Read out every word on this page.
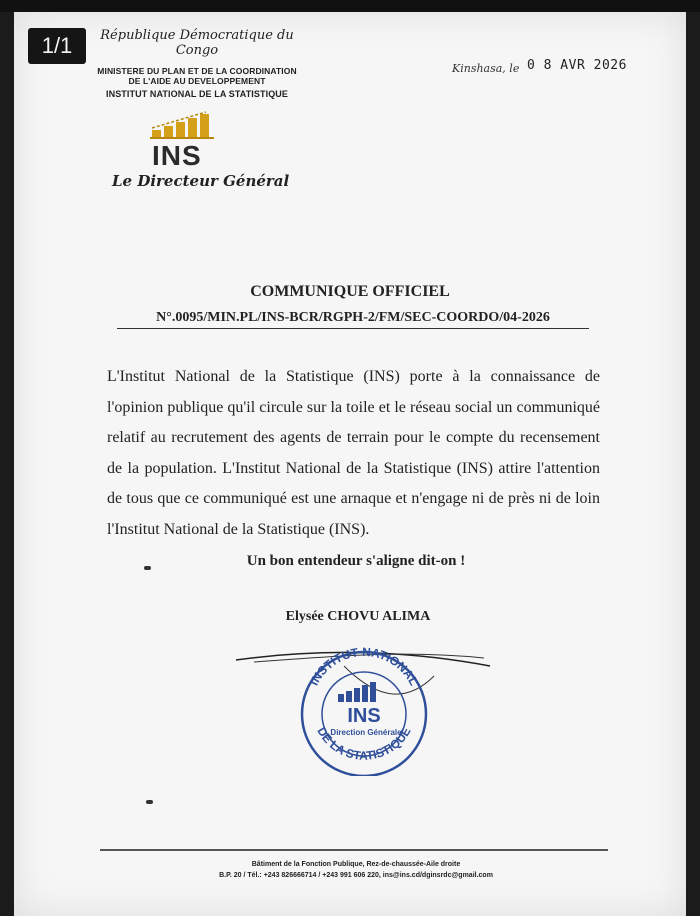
1/1	République Démocratique du Congo
MINISTERE DU PLAN ET DE LA COORDINATION
DE L'AIDE AU DEVELOPPEMENT
INSTITUT NATIONAL DE LA STATISTIQUE
Kinshasa, le 0 8 AVR 2026
INS
Le Directeur Général
COMMUNIQUE OFFICIEL
N°.0095/MIN.PL/INS-BCR/RGPH-2/FM/SEC-COORDO/04-2026
L'Institut National de la Statistique (INS) porte à la connaissance de l'opinion publique qu'il circule sur la toile et le réseau social un communiqué relatif au recrutement des agents de terrain pour le compte du recensement de la population. L'Institut National de la Statistique (INS) attire l'attention de tous que ce communiqué est une arnaque et n'engage ni de près ni de loin l'Institut National de la Statistique (INS).
Un bon entendeur s'aligne dit-on !
Elysée CHOVU ALIMA
INSTITUT NATIONAL
DE LA STATISTIQUE
INS
Direction Générale
Bâtiment de la Fonction Publique, Rez-de-chaussée-Aile droite
B.P. 20 / Tél.: +243 826666714 / +243 991 606 220, ins@ins.cd/dginsrdc@gmail.com
